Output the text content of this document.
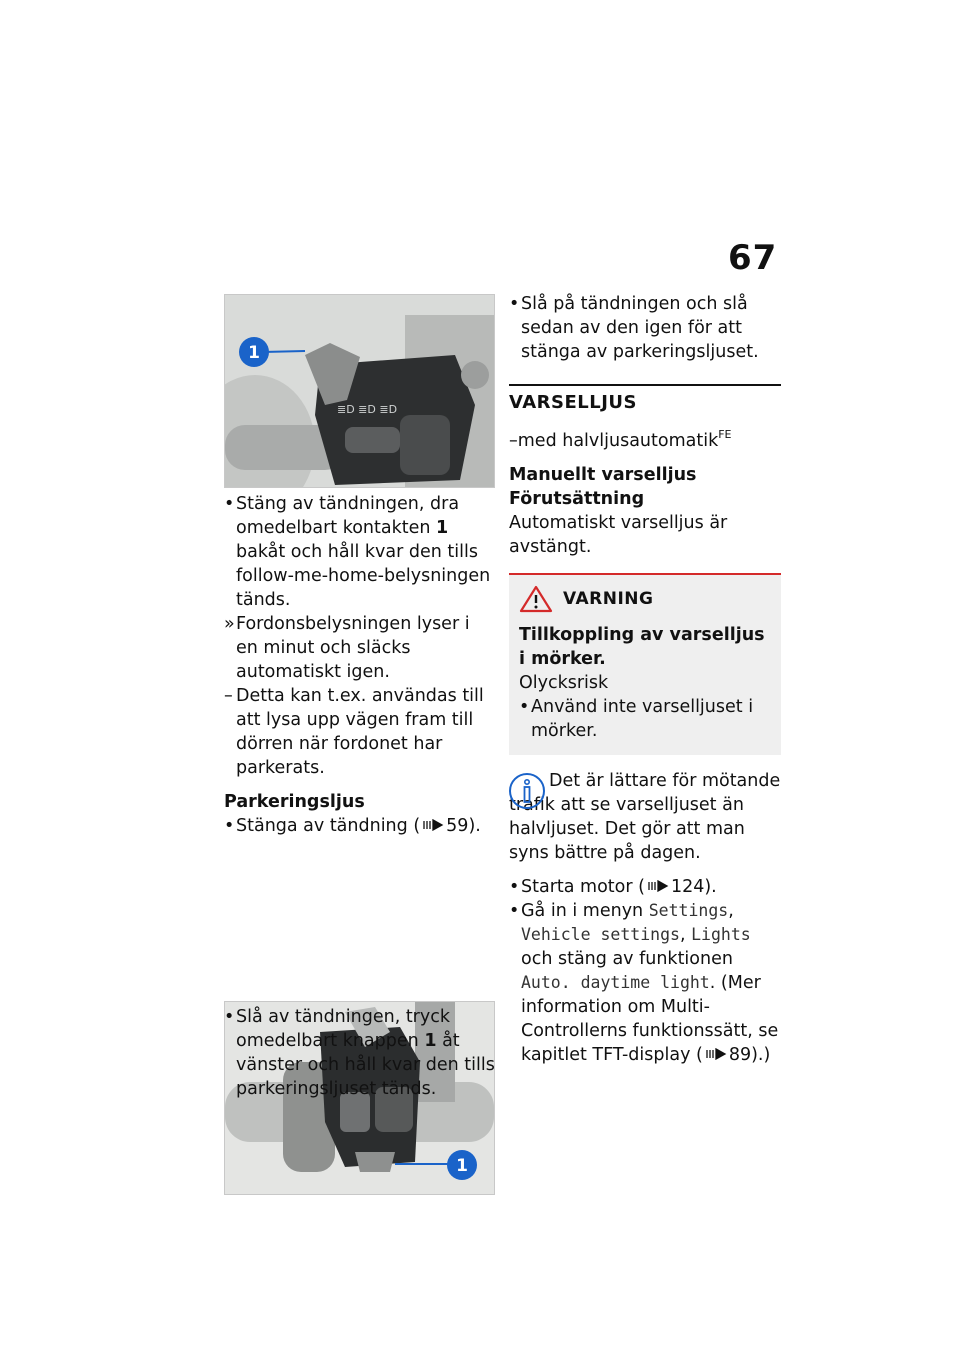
67
≣D ≣D ≣D
1

• Stäng av tändningen, dra omedelbart kontakten 1 bakåt och håll kvar den tills follow-me-home-belysningen tänds.

» Fordonsbelysningen lyser i en minut och släcks automatiskt igen.

– Detta kan t.ex. användas till att lysa upp vägen fram till dörren när fordonet har parkerats.

Parkeringsljus

• Stänga av tändning ( 59).

1

• Slå av tändningen, tryck omedelbart knappen 1 åt vänster och håll kvar den tills parkeringsljuset tänds.

• Slå på tändningen och slå sedan av den igen för att stänga av parkeringsljuset.

VARSELLJUS

–med halvljusautomatik$^{FE}$

Manuellt varselljus

Förutsättning

Automatiskt varselljus är avstängt.

VARNING

Tillkoppling av varselljus i mörker.

Olycksrisk

• Använd inte varselljuset i mörker.

Det är lättare för mötande trafik att se varselljuset än halvljuset. Det gör att man syns bättre på dagen.

• Starta motor ( 124).

• Gå in i menyn Settings, Vehicle settings, Lights och stäng av funktionen Auto. daytime light. (Mer information om Multi-Controllerns funktionssätt, se kapitlet TFT-display ( 89).)
